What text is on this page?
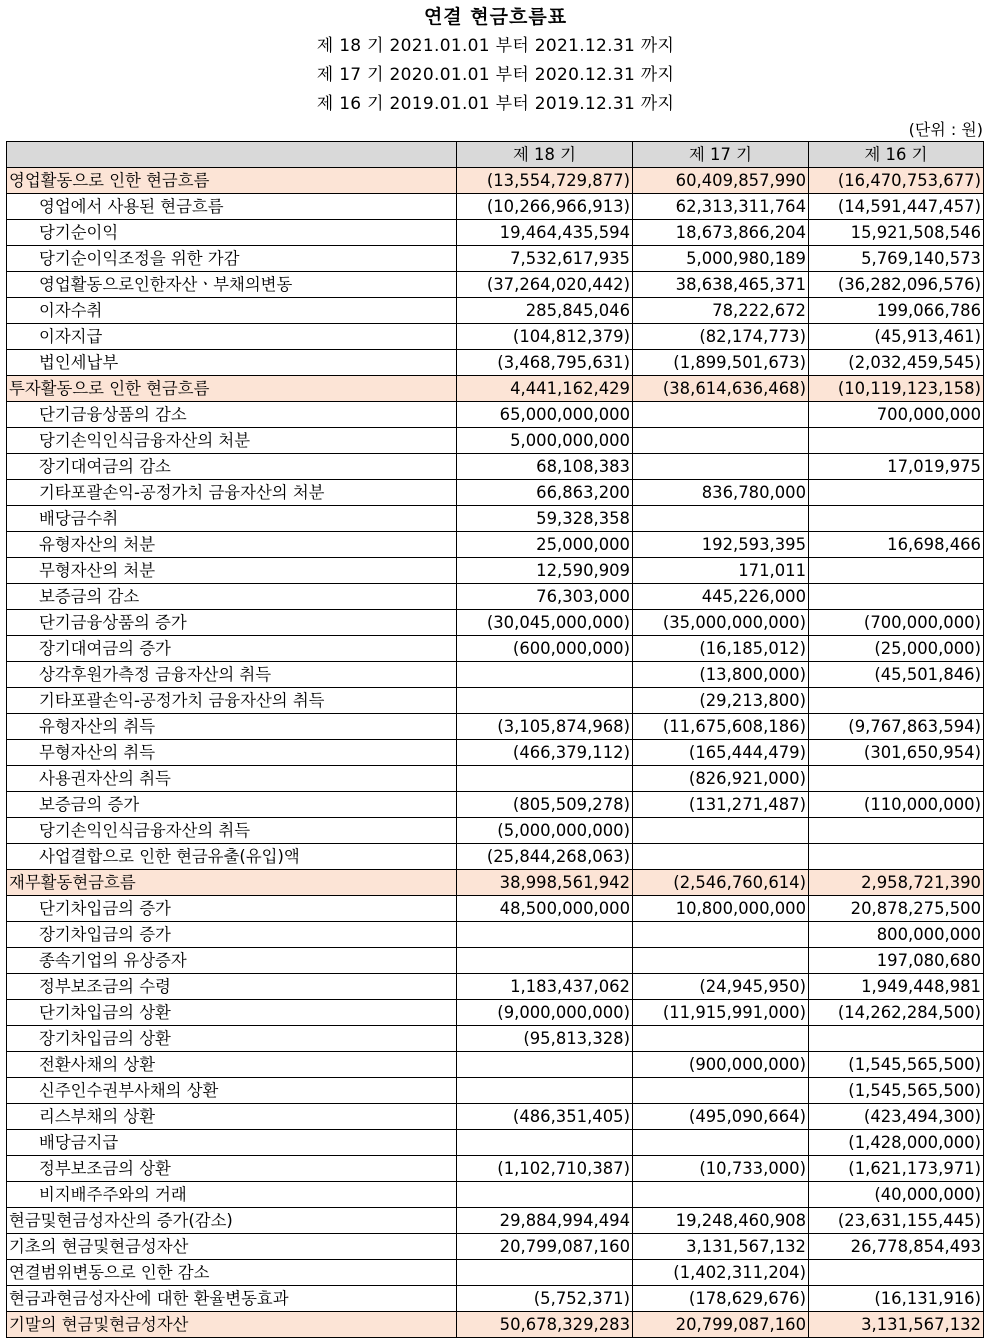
연결 현금흐름표
제 18 기 2021.01.01 부터 2021.12.31 까지
제 17 기 2020.01.01 부터 2020.12.31 까지
제 16 기 2019.01.01 부터 2019.12.31 까지
(단위 : 원)
	제 18 기	제 17 기	제 16 기
영업활동으로 인한 현금흐름	(13,554,729,877)	60,409,857,990	(16,470,753,677)
영업에서 사용된 현금흐름	(10,266,966,913)	62,313,311,764	(14,591,447,457)
당기순이익	19,464,435,594	18,673,866,204	15,921,508,546
당기순이익조정을 위한 가감	7,532,617,935	5,000,980,189	5,769,140,573
영업활동으로인한자산ㆍ부채의변동	(37,264,020,442)	38,638,465,371	(36,282,096,576)
이자수취	285,845,046	78,222,672	199,066,786
이자지급	(104,812,379)	(82,174,773)	(45,913,461)
법인세납부	(3,468,795,631)	(1,899,501,673)	(2,032,459,545)
투자활동으로 인한 현금흐름	4,441,162,429	(38,614,636,468)	(10,119,123,158)
단기금융상품의 감소	65,000,000,000		700,000,000
당기손익인식금융자산의 처분	5,000,000,000		
장기대여금의 감소	68,108,383		17,019,975
기타포괄손익-공정가치 금융자산의 처분	66,863,200	836,780,000	
배당금수취	59,328,358		
유형자산의 처분	25,000,000	192,593,395	16,698,466
무형자산의 처분	12,590,909	171,011	
보증금의 감소	76,303,000	445,226,000	
단기금융상품의 증가	(30,045,000,000)	(35,000,000,000)	(700,000,000)
장기대여금의 증가	(600,000,000)	(16,185,012)	(25,000,000)
상각후원가측정 금융자산의 취득		(13,800,000)	(45,501,846)
기타포괄손익-공정가치 금융자산의 취득		(29,213,800)	
유형자산의 취득	(3,105,874,968)	(11,675,608,186)	(9,767,863,594)
무형자산의 취득	(466,379,112)	(165,444,479)	(301,650,954)
사용권자산의 취득		(826,921,000)	
보증금의 증가	(805,509,278)	(131,271,487)	(110,000,000)
당기손익인식금융자산의 취득	(5,000,000,000)		
사업결합으로 인한 현금유출(유입)액	(25,844,268,063)		
재무활동현금흐름	38,998,561,942	(2,546,760,614)	2,958,721,390
단기차입금의 증가	48,500,000,000	10,800,000,000	20,878,275,500
장기차입금의 증가			800,000,000
종속기업의 유상증자			197,080,680
정부보조금의 수령	1,183,437,062	(24,945,950)	1,949,448,981
단기차입금의 상환	(9,000,000,000)	(11,915,991,000)	(14,262,284,500)
장기차입금의 상환	(95,813,328)		
전환사채의 상환		(900,000,000)	(1,545,565,500)
신주인수권부사채의 상환			(1,545,565,500)
리스부채의 상환	(486,351,405)	(495,090,664)	(423,494,300)
배당금지급			(1,428,000,000)
정부보조금의 상환	(1,102,710,387)	(10,733,000)	(1,621,173,971)
비지배주주와의 거래			(40,000,000)
현금및현금성자산의 증가(감소)	29,884,994,494	19,248,460,908	(23,631,155,445)
기초의 현금및현금성자산	20,799,087,160	3,131,567,132	26,778,854,493
연결범위변동으로 인한 감소		(1,402,311,204)	
현금과현금성자산에 대한 환율변동효과	(5,752,371)	(178,629,676)	(16,131,916)
기말의 현금및현금성자산	50,678,329,283	20,799,087,160	3,131,567,132
